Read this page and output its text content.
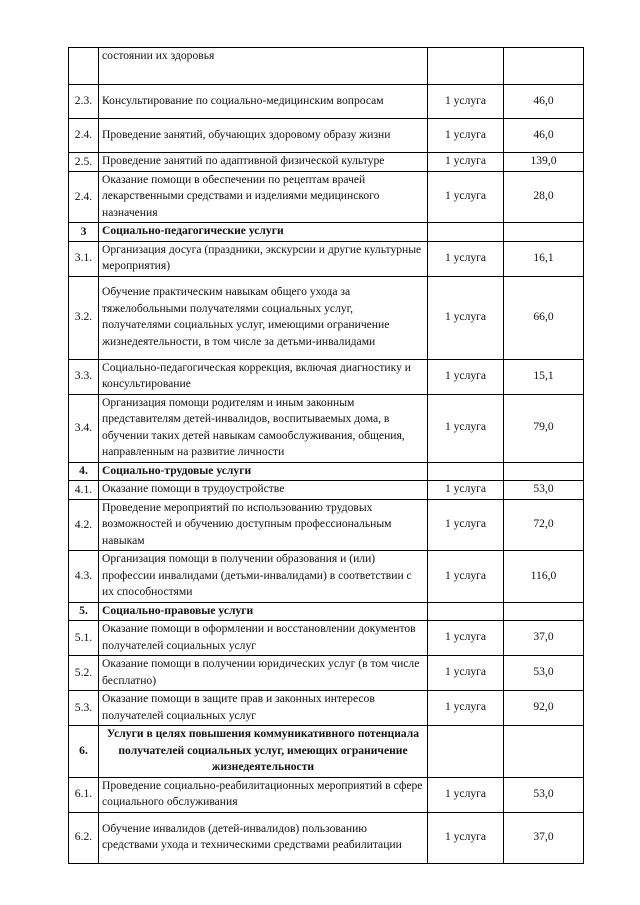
	состоянии их здоровья		
2.3.	Консультирование по социально-медицинским вопросам	1 услуга	46,0
2.4.	Проведение занятий, обучающих здоровому образу жизни	1 услуга	46,0
2.5.	Проведение занятий по адаптивной физической культуре	1 услуга	139,0
2.4.	Оказание помощи в обеспечении по рецептам врачей лекарственными средствами и изделиями медицинского назначения	1 услуга	28,0
3	Социально-педагогические услуги		
3.1.	Организация досуга (праздники, экскурсии и другие культурные мероприятия)	1 услуга	16,1
3.2.	Обучение практическим навыкам общего ухода за тяжелобольными получателями социальных услуг, получателями социальных услуг, имеющими ограничение жизнедеятельности, в том числе за детьми-инвалидами	1 услуга	66,0
3.3.	Социально-педагогическая коррекция, включая диагностику и консультирование	1 услуга	15,1
3.4.	Организация помощи родителям и иным законным представителям детей-инвалидов, воспитываемых дома, в обучении таких детей навыкам самообслуживания, общения, направленным на развитие личности	1 услуга	79,0
4.	Социально-трудовые услуги		
4.1.	Оказание помощи в трудоустройстве	1 услуга	53,0
4.2.	Проведение мероприятий по использованию трудовых возможностей и обучению доступным профессиональным навыкам	1 услуга	72,0
4.3.	Организация помощи в получении образования и (или) профессии инвалидами (детьми-инвалидами) в соответствии с их способностями	1 услуга	116,0
5.	Социально-правовые услуги		
5.1.	Оказание помощи в оформлении и восстановлении документов получателей социальных услуг	1 услуга	37,0
5.2.	Оказание помощи в получении юридических услуг (в том числе бесплатно)	1 услуга	53,0
5.3.	Оказание помощи в защите прав и законных интересов получателей социальных услуг	1 услуга	92,0
6.	Услуги в целях повышения коммуникативного потенциала получателей социальных услуг, имеющих ограничение жизнедеятельности		
6.1.	Проведение социально-реабилитационных мероприятий в сфере социального обслуживания	1 услуга	53,0
6.2.	Обучение инвалидов (детей-инвалидов) пользованию средствами ухода и техническими средствами реабилитации	1 услуга	37,0
